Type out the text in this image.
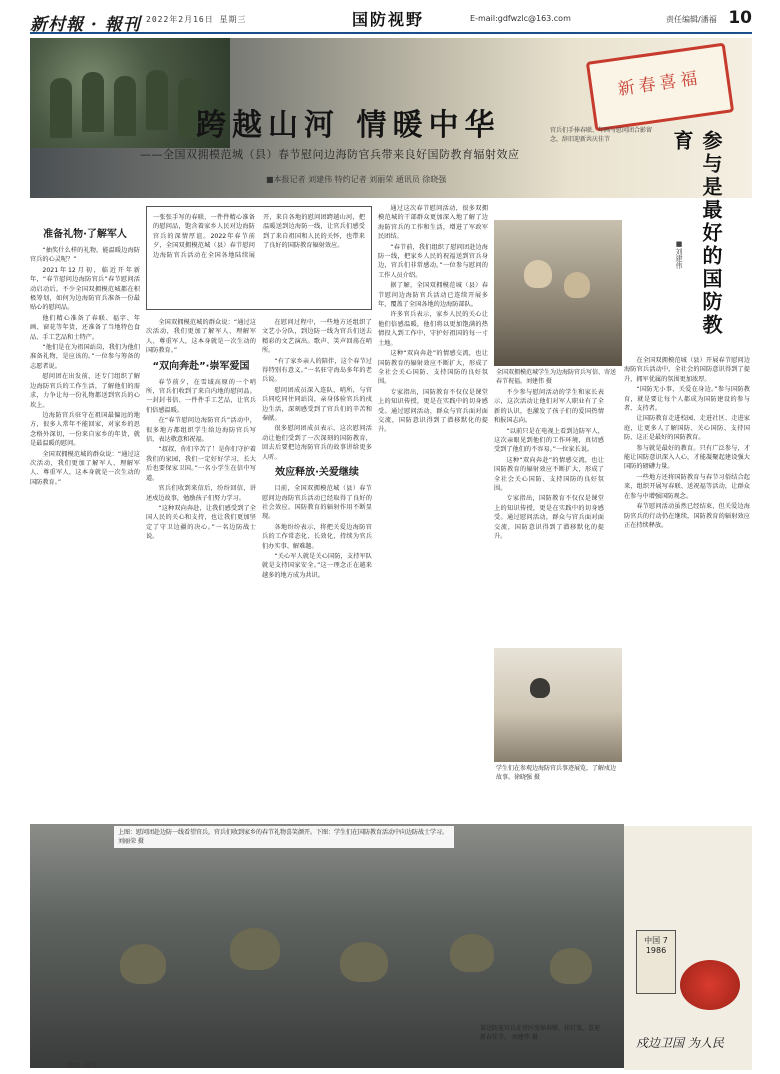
新村報 · 報刊 2022年2月16日 星期三	国防视野	E-mail:gdfwzlc@163.com	责任编辑/潘福 10
新春喜福
官兵们手捧春联、年画与慰问团合影留念，辞旧迎新共庆佳节
跨越山河 情暖中华
——全国双拥模范城（县）春节慰问边海防官兵带来良好国防教育辐射效应
■本报记者 刘建伟 特约记者 刘丽荣 通讯员 徐晓强	参与是最好的国防教育
■刘建伟
一张张手写的春联、一件件精心准备的慰问品，饱含着家乡人民对边海防官兵的深情厚谊。2022年春节前夕，全国双拥模范城（县）春节慰问边海防官兵活动在全国各地陆续展开，来自各地的慰问团跨越山河，把温暖送到边海防一线，让官兵们感受到了来自祖国和人民的关怀，也带来了良好的国防教育辐射效应。
准备礼物·了解军人

“抽奖什么样的礼物，能温暖边海防官兵的心灵呢？”

2021年12月初，临近开年新年，“春节慰问边海防官兵”春节慰问活动启动后，不少全国双拥模范城都在积极筹划，如何为边海防官兵准备一份最贴心的慰问品。

他们精心准备了春联、福字、年画、窗花等年货，还准备了当地特色食品、手工艺品和土特产。

“他们是在为祖国站岗，我们为他们准备礼物，是应该的。”一位参与筹备的志愿者说。

慰问团在出发前，还专门组织了解边海防官兵的工作生活，了解他们的需求，力争让每一份礼物都送到官兵的心坎上。

边海防官兵驻守在祖国最偏远的地方，很多人常年不能回家，对家乡的思念格外深切，一份来自家乡的年货，就是最温暖的慰问。

全国双拥模范城的群众说：“通过这次活动，我们更加了解军人、理解军人、尊重军人，这本身就是一次生动的国防教育。”

全国双拥模范城的群众说：“通过这次活动，我们更加了解军人、理解军人、尊重军人，这本身就是一次生动的国防教育。”

“双向奔赴”·崇军爱国

春节前夕，在雪域高原的一个哨所，官兵们收到了来自内地的慰问品。一封封书信、一件件手工艺品，让官兵们倍感温暖。

在“春节慰问边海防官兵”活动中，很多地方都组织学生给边海防官兵写信，表达敬意和祝福。

“叔叔，你们辛苦了！是你们守护着我们的家园，我们一定好好学习，长大后也要保家卫国。”一名小学生在信中写道。

官兵们收到来信后，纷纷回信，讲述戍边故事，勉励孩子们努力学习。

“这种双向奔赴，让我们感受到了全国人民的关心和支持，也让我们更加坚定了守卫边疆的决心。”一名边防战士说。

在慰问过程中，一些地方还组织了文艺小分队，到边防一线为官兵们送去精彩的文艺演出。歌声、笑声回荡在哨所。

“有了家乡亲人的陪伴，这个春节过得特别有意义。”一名驻守海岛多年的老兵说。

慰问团成员深入连队、哨所，与官兵同吃同住同站岗，亲身体验官兵的戍边生活，深刻感受到了官兵们的辛苦和奉献。

很多慰问团成员表示，这次慰问活动让他们受到了一次深刻的国防教育，回去后要把边海防官兵的故事讲给更多人听。

效应释放·关爱继续

目前，全国双拥模范城（县）春节慰问边海防官兵活动已经取得了良好的社会效应，国防教育的辐射作用不断显现。

各地纷纷表示，将把关爱边海防官兵的工作常态化、长效化，持续为官兵们办实事、解难题。

“关心军人就是关心国防，支持军队就是支持国家安全。”这一理念正在越来越多的地方成为共识。

通过这次春节慰问活动，很多双拥模范城的干部群众更加深入地了解了边海防官兵的工作和生活，增进了军政军民团结。

“春节前，我们组织了慰问团赴边海防一线，把家乡人民的祝福送到官兵身边，官兵们非常感动。”一位参与慰问的工作人员介绍。

据了解，全国双拥模范城（县）春节慰问边海防官兵活动已连续开展多年，覆盖了全国各地的边海防部队。

许多官兵表示，家乡人民的关心让他们倍感温暖，他们将以更加饱满的热情投入到工作中，守护好祖国的每一寸土地。

这种“双向奔赴”的情感交流，也让国防教育的辐射效应不断扩大，形成了全社会关心国防、支持国防的良好氛围。

专家指出，国防教育不仅仅是课堂上的知识传授，更是在实践中的切身感受。通过慰问活动，群众与官兵面对面交流，国防意识得到了潜移默化的提升。

不少参与慰问活动的学生和家长表示，这次活动让他们对军人职业有了全新的认识，也激发了孩子们的爱国热情和报国志向。

“以前只是在电视上看到边防军人，这次亲眼见到他们的工作环境，真切感受到了他们的不容易。”一位家长说。

这种“双向奔赴”的情感交流，也让国防教育的辐射效应不断扩大，形成了全社会关心国防、支持国防的良好氛围。

专家指出，国防教育不仅仅是课堂上的知识传授，更是在实践中的切身感受。通过慰问活动，群众与官兵面对面交流，国防意识得到了潜移默化的提升。

全国双拥模范城学生为边海防官兵写信、寄送春节祝福。刘建伟 摄
学生们在参观边海防官兵事迹展览，了解戍边故事。徐晓强 摄

在全国双拥模范城（县）开展春节慰问边海防官兵活动中，全社会的国防意识得到了提升，拥军优属的氛围更加浓厚。

“国防无小事，关爱在身边。”参与国防教育，就是要让每个人都成为国防建设的参与者、支持者。

让国防教育走进校园、走进社区、走进家庭，让更多人了解国防、关心国防、支持国防，这正是最好的国防教育。

参与就是最好的教育。只有广泛参与，才能让国防意识深入人心，才能凝聚起建设强大国防的磅礴力量。

一些地方还将国防教育与春节习俗结合起来，组织开展写春联、送祝福等活动，让群众在参与中增强国防观念。

春节慰问活动虽然已经结束，但关爱边海防官兵的行动仍在继续，国防教育的辐射效应正在持续释放。

上图：慰问团赴边防一线看望官兵，官兵们收到家乡的春节礼物喜笑颜开。下图：学生们在国防教育活动中向边防战士学习。刘丽荣 摄
中国 7 1986
戍边卫国 为人民
某边防连官兵在营区张贴春联、挂灯笼，喜迎新春佳节。 刘建伟 摄
制图：刘 延
